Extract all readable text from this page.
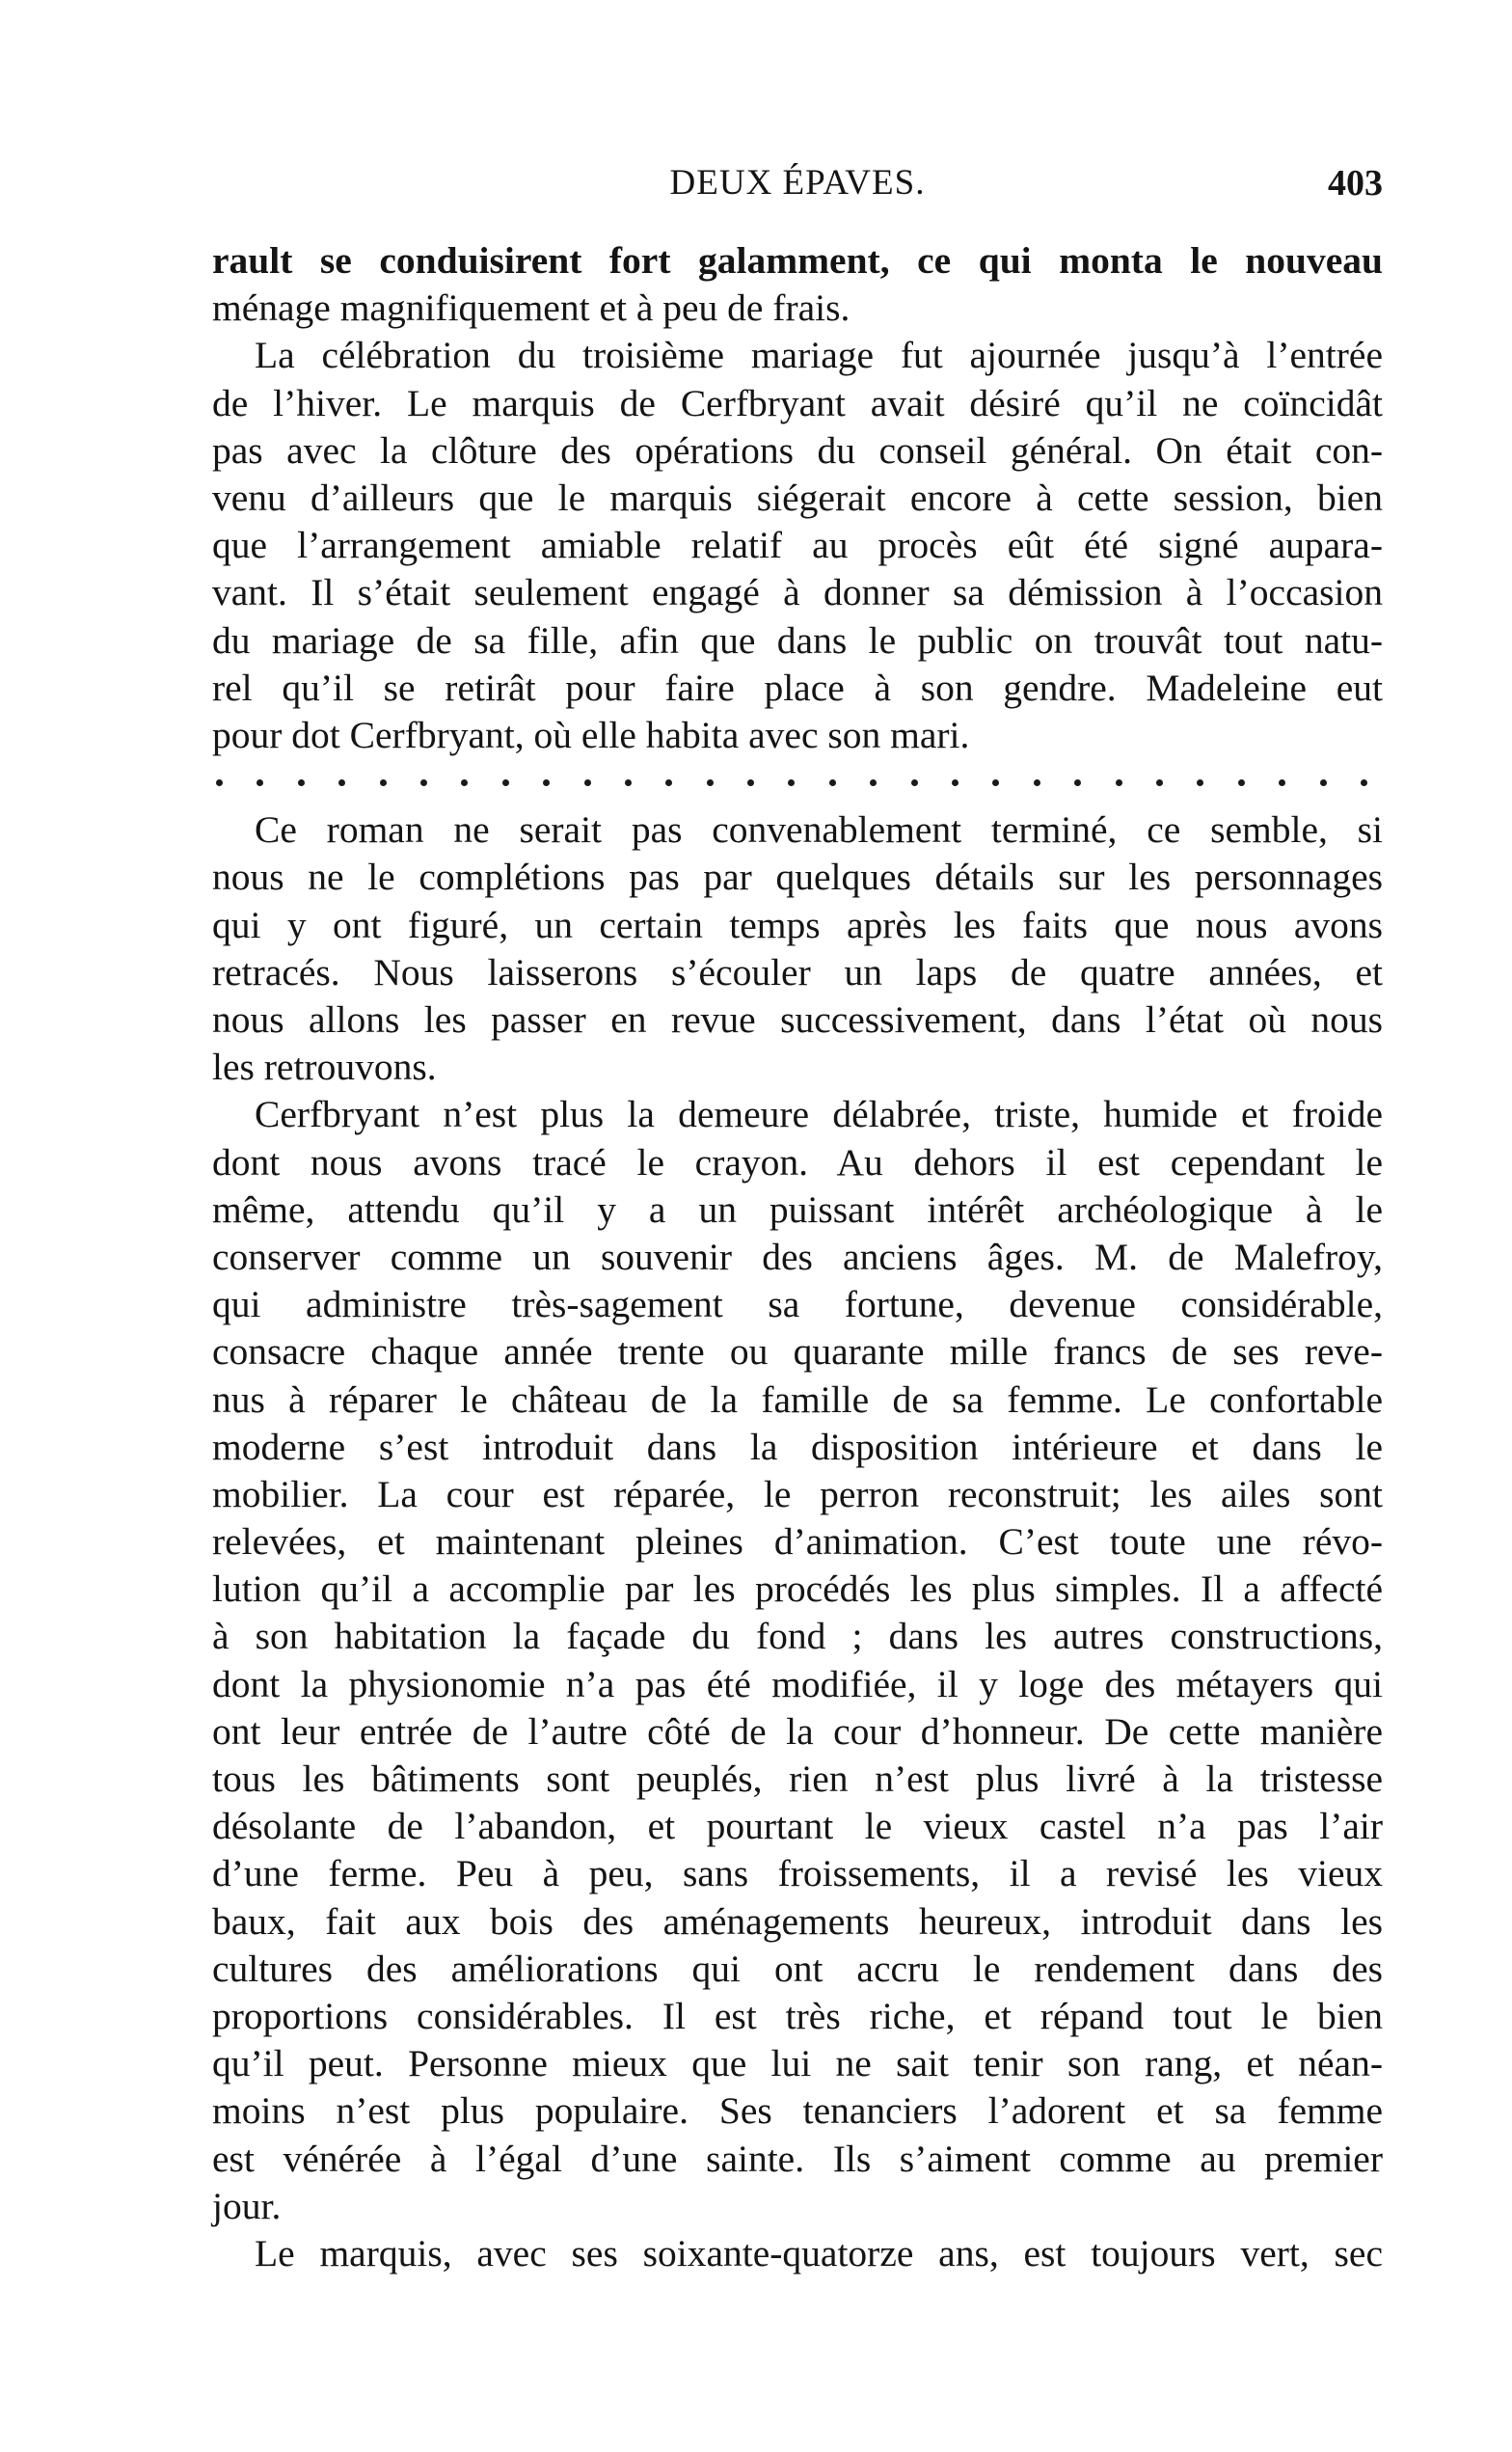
DEUX ÉPAVES.	403
rault se conduisirent fort galamment, ce qui monta le nouveau
ménage magnifiquement et à peu de frais.
La célébration du troisième mariage fut ajournée jusqu’à l’entrée
de l’hiver. Le marquis de Cerfbryant avait désiré qu’il ne coïncidât
pas avec la clôture des opérations du conseil général. On était con-
venu d’ailleurs que le marquis siégerait encore à cette session, bien
que l’arrangement amiable relatif au procès eût été signé aupara-
vant. Il s’était seulement engagé à donner sa démission à l’occasion
du mariage de sa fille, afin que dans le public on trouvât tout natu-
rel qu’il se retirât pour faire place à son gendre. Madeleine eut
pour dot Cerfbryant, où elle habita avec son mari.
Ce roman ne serait pas convenablement terminé, ce semble, si
nous ne le complétions pas par quelques détails sur les personnages
qui y ont figuré, un certain temps après les faits que nous avons
retracés. Nous laisserons s’écouler un laps de quatre années, et
nous allons les passer en revue successivement, dans l’état où nous
les retrouvons.
Cerfbryant n’est plus la demeure délabrée, triste, humide et froide
dont nous avons tracé le crayon. Au dehors il est cependant le
même, attendu qu’il y a un puissant intérêt archéologique à le
conserver comme un souvenir des anciens âges. M. de Malefroy,
qui administre très-sagement sa fortune, devenue considérable,
consacre chaque année trente ou quarante mille francs de ses reve-
nus à réparer le château de la famille de sa femme. Le confortable
moderne s’est introduit dans la disposition intérieure et dans le
mobilier. La cour est réparée, le perron reconstruit; les ailes sont
relevées, et maintenant pleines d’animation. C’est toute une révo-
lution qu’il a accomplie par les procédés les plus simples. Il a affecté
à son habitation la façade du fond ; dans les autres constructions,
dont la physionomie n’a pas été modifiée, il y loge des métayers qui
ont leur entrée de l’autre côté de la cour d’honneur. De cette manière
tous les bâtiments sont peuplés, rien n’est plus livré à la tristesse
désolante de l’abandon, et pourtant le vieux castel n’a pas l’air
d’une ferme. Peu à peu, sans froissements, il a revisé les vieux
baux, fait aux bois des aménagements heureux, introduit dans les
cultures des améliorations qui ont accru le rendement dans des
proportions considérables. Il est très riche, et répand tout le bien
qu’il peut. Personne mieux que lui ne sait tenir son rang, et néan-
moins n’est plus populaire. Ses tenanciers l’adorent et sa femme
est vénérée à l’égal d’une sainte. Ils s’aiment comme au premier
jour.
Le marquis, avec ses soixante-quatorze ans, est toujours vert, sec
